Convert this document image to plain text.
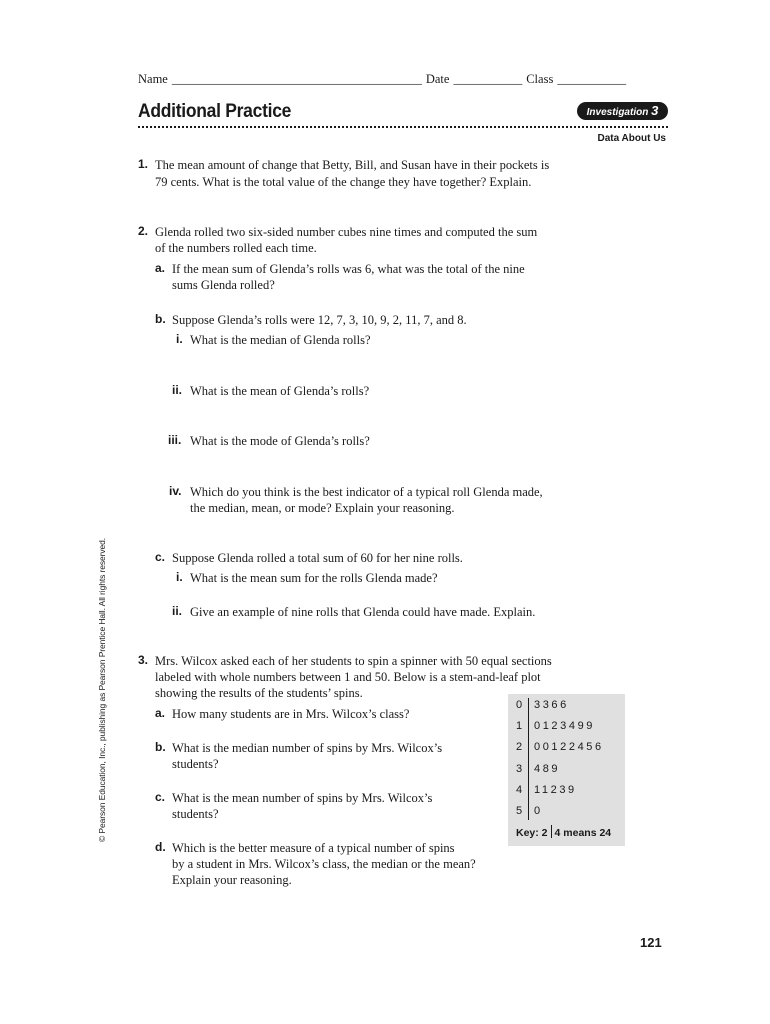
Name ________________________________________ Date ___________ Class ___________
Additional Practice	Investigation 3
Data About Us
1. The mean amount of change that Betty, Bill, and Susan have in their pockets is
79 cents. What is the total value of the change they have together? Explain.
2. Glenda rolled two six-sided number cubes nine times and computed the sum
of the numbers rolled each time.
a. If the mean sum of Glenda’s rolls was 6, what was the total of the nine
sums Glenda rolled?
b. Suppose Glenda’s rolls were 12, 7, 3, 10, 9, 2, 11, 7, and 8.
i. What is the median of Glenda rolls?
ii. What is the mean of Glenda’s rolls?
iii. What is the mode of Glenda’s rolls?
iv. Which do you think is the best indicator of a typical roll Glenda made,
the median, mean, or mode? Explain your reasoning.
c. Suppose Glenda rolled a total sum of 60 for her nine rolls.
i. What is the mean sum for the rolls Glenda made?
ii. Give an example of nine rolls that Glenda could have made. Explain.
© Pearson Education, Inc., publishing as Pearson Prentice Hall. All rights reserved.	3. Mrs. Wilcox asked each of her students to spin a spinner with 50 equal sections
labeled with whole numbers between 1 and 50. Below is a stem-and-leaf plot
showing the results of the students’ spins.
a. How many students are in Mrs. Wilcox’s class?
b. What is the median number of spins by Mrs. Wilcox’s
students?
c. What is the mean number of spins by Mrs. Wilcox’s
students?
d. Which is the better measure of a typical number of spins
by a student in Mrs. Wilcox’s class, the median or the mean?
Explain your reasoning.
0	3366
1	0123499
2	00122456
3	489
4	11239
5	0
Key: 2 4 means 24
121
